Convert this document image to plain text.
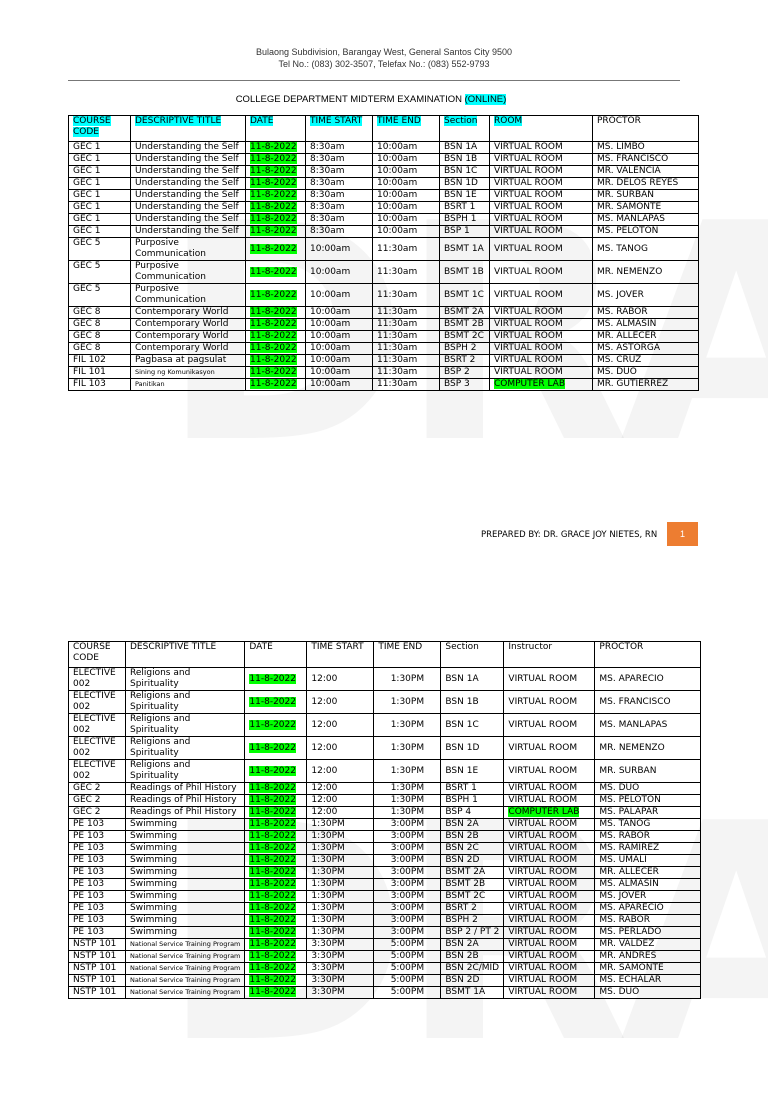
Bulaong Subdivision, Barangay West, General Santos City 9500
Tel No.: (083) 302-3507, Telefax No.: (083) 552-9793
COLLEGE DEPARTMENT MIDTERM EXAMINATION (ONLINE)
COURSE CODE	DESCRIPTIVE TITLE	DATE	TIME START	TIME END	Section	ROOM	PROCTOR
GEC 1	Understanding the Self	11-8-2022	8:30am	10:00am	BSN 1A	VIRTUAL ROOM	MS. LIMBO
GEC 1	Understanding the Self	11-8-2022	8:30am	10:00am	BSN 1B	VIRTUAL ROOM	MS. FRANCISCO
GEC 1	Understanding the Self	11-8-2022	8:30am	10:00am	BSN 1C	VIRTUAL ROOM	MR. VALENCIA
GEC 1	Understanding the Self	11-8-2022	8:30am	10:00am	BSN 1D	VIRTUAL ROOM	MR. DELOS REYES
GEC 1	Understanding the Self	11-8-2022	8:30am	10:00am	BSN 1E	VIRTUAL ROOM	MR. SURBAN
GEC 1	Understanding the Self	11-8-2022	8:30am	10:00am	BSRT 1	VIRTUAL ROOM	MR. SAMONTE
GEC 1	Understanding the Self	11-8-2022	8:30am	10:00am	BSPH 1	VIRTUAL ROOM	MS. MANLAPAS
GEC 1	Understanding the Self	11-8-2022	8:30am	10:00am	BSP 1	VIRTUAL ROOM	MS. PELOTON
GEC 5	Purposive Communication	11-8-2022	10:00am	11:30am	BSMT 1A	VIRTUAL ROOM	MS. TANOG
GEC 5	Purposive Communication	11-8-2022	10:00am	11:30am	BSMT 1B	VIRTUAL ROOM	MR. NEMENZO
GEC 5	Purposive Communication	11-8-2022	10:00am	11:30am	BSMT 1C	VIRTUAL ROOM	MS. JOVER
GEC 8	Contemporary World	11-8-2022	10:00am	11:30am	BSMT 2A	VIRTUAL ROOM	MS. RABOR
GEC 8	Contemporary World	11-8-2022	10:00am	11:30am	BSMT 2B	VIRTUAL ROOM	MS. ALMASIN
GEC 8	Contemporary World	11-8-2022	10:00am	11:30am	BSMT 2C	VIRTUAL ROOM	MR. ALLECER
GEC 8	Contemporary World	11-8-2022	10:00am	11:30am	BSPH 2	VIRTUAL ROOM	MS. ASTORGA
FIL 102	Pagbasa at pagsulat	11-8-2022	10:00am	11:30am	BSRT 2	VIRTUAL ROOM	MS. CRUZ
FIL 101	Sining ng Komunikasyon	11-8-2022	10:00am	11:30am	BSP 2	VIRTUAL ROOM	MS. DUO
FIL 103	Panitikan	11-8-2022	10:00am	11:30am	BSP 3	COMPUTER LAB	MR. GUTIERREZ
PREPARED BY: DR. GRACE JOY NIETES, RN	1
COURSE CODE	DESCRIPTIVE TITLE	DATE	TIME START	TIME END	Section	Instructor	PROCTOR
ELECTIVE 002	Religions and Spirituality	11-8-2022	12:00	1:30PM	BSN 1A	VIRTUAL ROOM	MS. APARECIO
ELECTIVE 002	Religions and Spirituality	11-8-2022	12:00	1:30PM	BSN 1B	VIRTUAL ROOM	MS. FRANCISCO
ELECTIVE 002	Religions and Spirituality	11-8-2022	12:00	1:30PM	BSN 1C	VIRTUAL ROOM	MS. MANLAPAS
ELECTIVE 002	Religions and Spirituality	11-8-2022	12:00	1:30PM	BSN 1D	VIRTUAL ROOM	MR. NEMENZO
ELECTIVE 002	Religions and Spirituality	11-8-2022	12:00	1:30PM	BSN 1E	VIRTUAL ROOM	MR. SURBAN
GEC 2	Readings of Phil History	11-8-2022	12:00	1:30PM	BSRT 1	VIRTUAL ROOM	MS. DUO
GEC 2	Readings of Phil History	11-8-2022	12:00	1:30PM	BSPH 1	VIRTUAL ROOM	MS. PELOTON
GEC 2	Readings of Phil History	11-8-2022	12:00	1:30PM	BSP 4	COMPUTER LAB	MS. PALAPAR
PE 103	Swimming	11-8-2022	1:30PM	3:00PM	BSN 2A	VIRTUAL ROOM	MS. TANOG
PE 103	Swimming	11-8-2022	1:30PM	3:00PM	BSN 2B	VIRTUAL ROOM	MS. RABOR
PE 103	Swimming	11-8-2022	1:30PM	3:00PM	BSN 2C	VIRTUAL ROOM	MS. RAMIREZ
PE 103	Swimming	11-8-2022	1:30PM	3:00PM	BSN 2D	VIRTUAL ROOM	MS. UMALI
PE 103	Swimming	11-8-2022	1:30PM	3:00PM	BSMT 2A	VIRTUAL ROOM	MR. ALLECER
PE 103	Swimming	11-8-2022	1:30PM	3:00PM	BSMT 2B	VIRTUAL ROOM	MS. ALMASIN
PE 103	Swimming	11-8-2022	1:30PM	3:00PM	BSMT 2C	VIRTUAL ROOM	MS. JOVER
PE 103	Swimming	11-8-2022	1:30PM	3:00PM	BSRT 2	VIRTUAL ROOM	MS. APARECIO
PE 103	Swimming	11-8-2022	1:30PM	3:00PM	BSPH 2	VIRTUAL ROOM	MS. RABOR
PE 103	Swimming	11-8-2022	1:30PM	3:00PM	BSP 2 / PT 2	VIRTUAL ROOM	MS. PERLADO
NSTP 101	National Service Training Program	11-8-2022	3:30PM	5:00PM	BSN 2A	VIRTUAL ROOM	MR. VALDEZ
NSTP 101	National Service Training Program	11-8-2022	3:30PM	5:00PM	BSN 2B	VIRTUAL ROOM	MR. ANDRES
NSTP 101	National Service Training Program	11-8-2022	3:30PM	5:00PM	BSN 2C/MID	VIRTUAL ROOM	MR. SAMONTE
NSTP 101	National Service Training Program	11-8-2022	3:30PM	5:00PM	BSN 2D	VIRTUAL ROOM	MS. ECHALAR
NSTP 101	National Service Training Program	11-8-2022	3:30PM	5:00PM	BSMT 1A	VIRTUAL ROOM	MS. DUO
